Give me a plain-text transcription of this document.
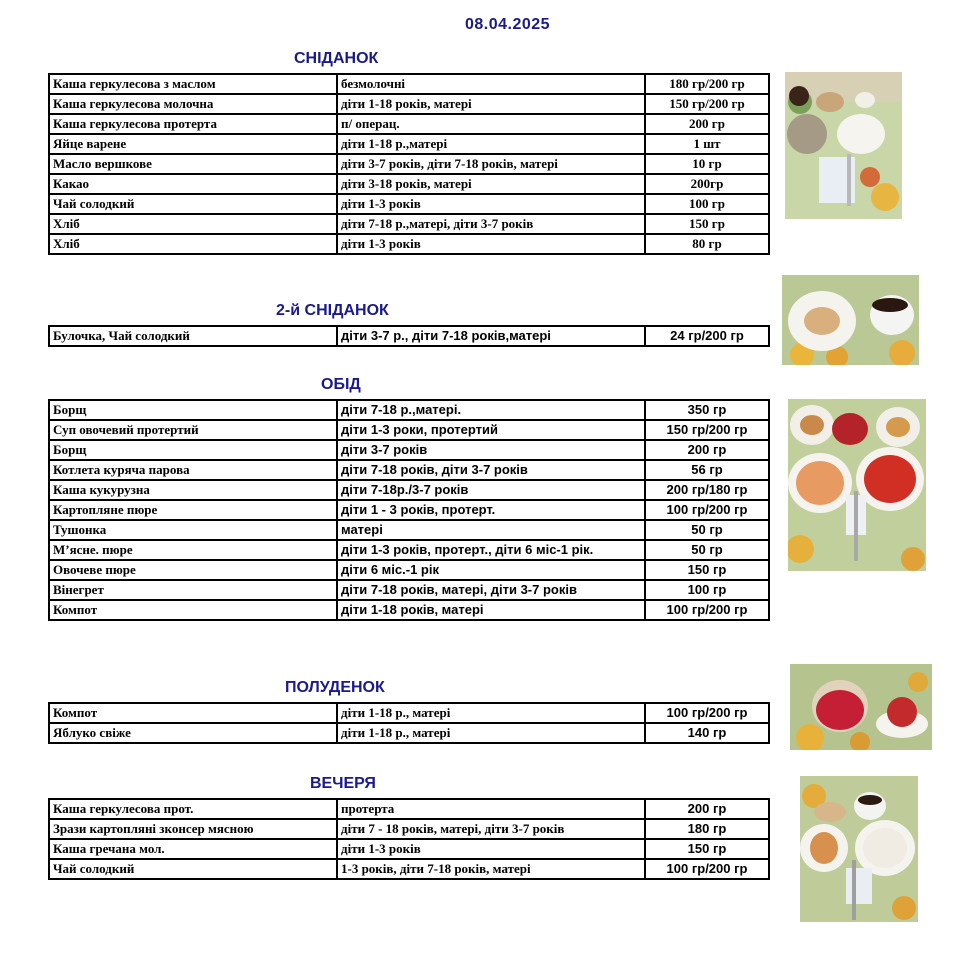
08.04.2025
СНІДАНОК
Каша геркулесова з маслом	безмолочні	180 гр/200 гр
Каша геркулесова молочна	діти 1-18 років, матері	150 гр/200 гр
Каша геркулесова протерта	п/ операц.	200 гр
Яйце варене	діти 1-18 р.,матері	1 шт
Масло вершкове	діти 3-7 років, діти 7-18 років, матері	10 гр
Какао	діти 3-18 років, матері	200гр
Чай солодкий	діти 1-3 років	100 гр
Хліб	діти 7-18 р.,матері, діти 3-7 років	150 гр
Хліб	діти 1-3 років	80 гр
2-й СНІДАНОК
Булочка, Чай солодкий	діти 3-7 р., діти 7-18 років,матері	24 гр/200 гр
ОБІД
Борщ	діти 7-18 р.,матері.	350 гр
Суп овочевий протертий	діти 1-3 роки, протертий	150 гр/200 гр
Борщ	діти 3-7 років	200 гр
Котлета куряча парова	діти 7-18 років, діти 3-7 років	56 гр
Каша кукурузна	діти 7-18р./3-7 років	200 гр/180 гр
Картопляне пюре	діти 1 - 3 років, протерт.	100 гр/200 гр
Тушонка	матері	50 гр
М’ясне. пюре	діти 1-3 років, протерт., діти 6 міс-1 рік.	50 гр
Овочеве пюре	діти 6 міс.-1 рік	150 гр
Вінегрет	діти 7-18 років, матері, діти 3-7 років	100 гр
Компот	діти 1-18 років, матері	100 гр/200 гр
ПОЛУДЕНОК
Компот	діти 1-18 р., матері	100 гр/200 гр
Яблуко свіже	діти 1-18 р., матері	140 гр
ВЕЧЕРЯ
Каша геркулесова прот.	протерта	200 гр
Зрази картопляні зконсер мясною	діти 7 - 18 років, матері, діти 3-7 років	180 гр
Каша гречана мол.	діти 1-3 років	150 гр
Чай солодкий	1-3 років, діти 7-18 років, матері	100 гр/200 гр
